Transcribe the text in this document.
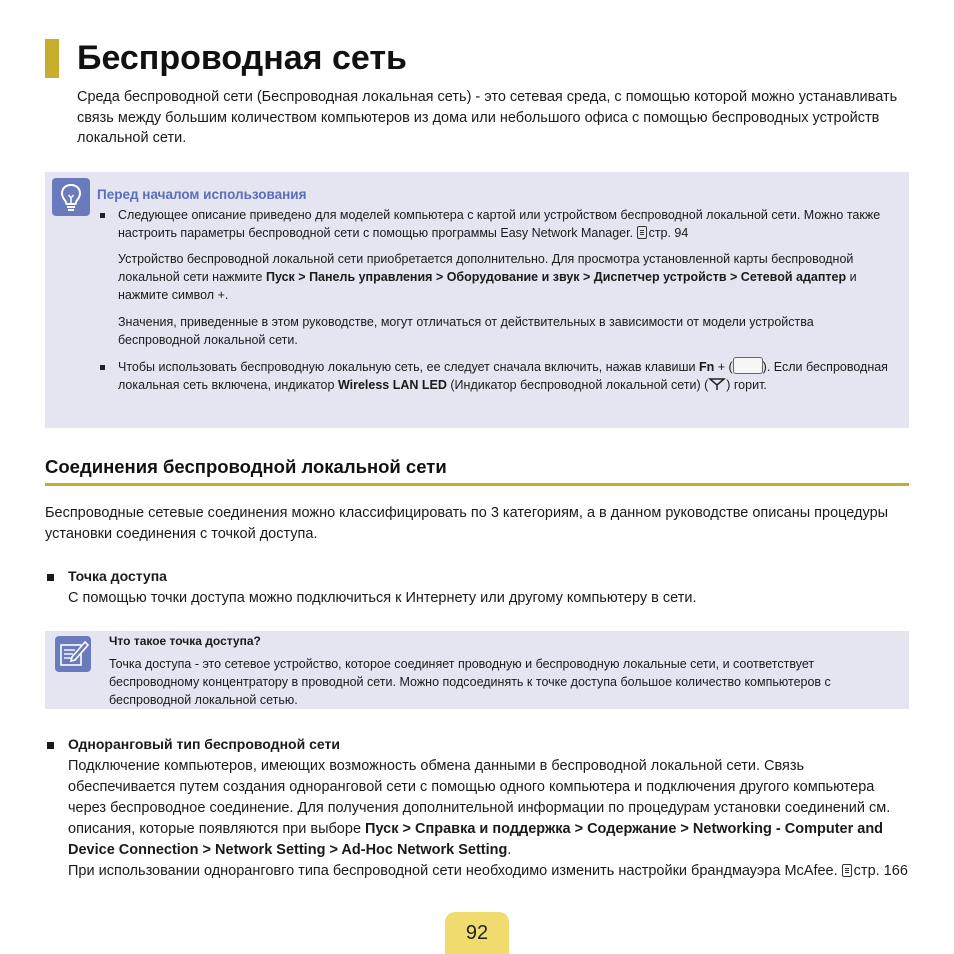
Беспроводная сеть

Среда беспроводной сети (Беспроводная локальная сеть) - это сетевая среда, с помощью которой можно устанавливать связь между большим количеством компьютеров из дома или небольшого офиса с помощью беспроводных устройств локальной сети.

Перед началом использования

Следующее описание приведено для моделей компьютера с картой или устройством беспроводной локальной сети. Можно также настроить параметры беспроводной сети с помощью программы Easy Network Manager. стр. 94

Устройство беспроводной локальной сети приобретается дополнительно. Для просмотра установленной карты беспроводной локальной сети нажмите Пуск > Панель управления > Оборудование и звук > Диспетчер устройств > Сетевой адаптер и нажмите символ +.

Значения, приведенные в этом руководстве, могут отличаться от действительных в зависимости от модели устройства беспроводной локальной сети.

Чтобы использовать беспроводную локальную сеть, ее следует сначала включить, нажав клавиши Fn + ( ). Если беспроводная локальная сеть включена, индикатор Wireless LAN LED (Индикатор беспроводной локальной сети) ( ) горит.

Соединения беспроводной локальной сети

Беспроводные сетевые соединения можно классифицировать по 3 категориям, а в данном руководстве описаны процедуры установки соединения с точкой доступа.

Точка доступа

С помощью точки доступа можно подключиться к Интернету или другому компьютеру в сети.

Что такое точка доступа?

Точка доступа - это сетевое устройство, которое соединяет проводную и беспроводную локальные сети, и соответствует беспроводному концентратору в проводной сети. Можно подсоединять к точке доступа большое количество компьютеров с беспроводной локальной сетью.

Одноранговый тип беспроводной сети

Подключение компьютеров, имеющих возможность обмена данными в беспроводной локальной сети. Связь обеспечивается путем создания одноранговой сети с помощью одного компьютера и подключения другого компьютера через беспроводное соединение. Для получения дополнительной информации по процедурам установки соединений см. описания, которые появляются при выборе Пуск > Справка и поддержка > Содержание > Networking - Computer and Device Connection > Network Setting > Ad-Hoc Network Setting.
При использовании одноранговго типа беспроводной сети необходимо изменить настройки брандмауэра McAfee. стр. 166

92
